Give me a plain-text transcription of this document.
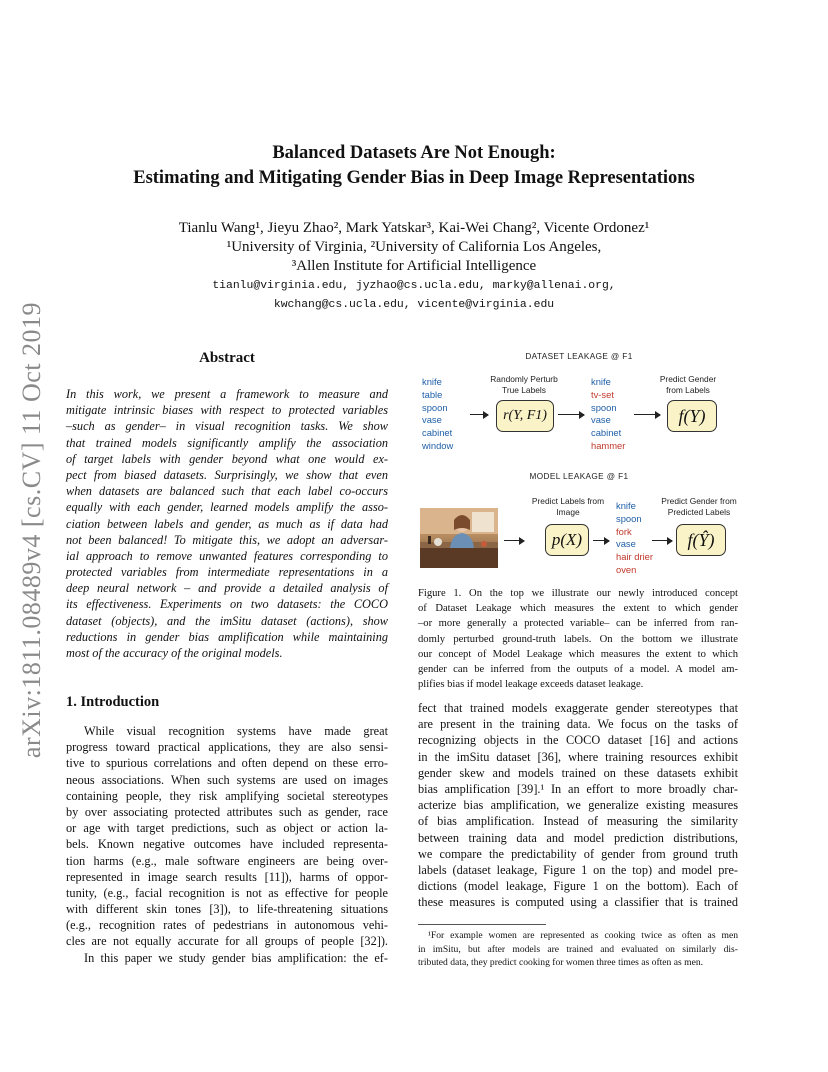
arXiv:1811.08489v4 [cs.CV] 11 Oct 2019
Balanced Datasets Are Not Enough:
Estimating and Mitigating Gender Bias in Deep Image Representations
Tianlu Wang¹, Jieyu Zhao², Mark Yatskar³, Kai-Wei Chang², Vicente Ordonez¹
¹University of Virginia, ²University of California Los Angeles,
³Allen Institute for Artificial Intelligence
tianlu@virginia.edu, jyzhao@cs.ucla.edu, marky@allenai.org,
kwchang@cs.ucla.edu, vicente@virginia.edu
Abstract
In this work, we present a framework to measure and
mitigate intrinsic biases with respect to protected variables
–such as gender– in visual recognition tasks. We show
that trained models significantly amplify the association
of target labels with gender beyond what one would ex-
pect from biased datasets. Surprisingly, we show that even
when datasets are balanced such that each label co-occurs
equally with each gender, learned models amplify the asso-
ciation between labels and gender, as much as if data had
not been balanced! To mitigate this, we adopt an adversar-
ial approach to remove unwanted features corresponding to
protected variables from intermediate representations in a
deep neural network – and provide a detailed analysis of
its effectiveness. Experiments on two datasets: the COCO
dataset (objects), and the imSitu dataset (actions), show
reductions in gender bias amplification while maintaining
most of the accuracy of the original models.
1. Introduction
While visual recognition systems have made great
progress toward practical applications, they are also sensi-
tive to spurious correlations and often depend on these erro-
neous associations. When such systems are used on images
containing people, they risk amplifying societal stereotypes
by over associating protected attributes such as gender, race
or age with target predictions, such as object or action la-
bels. Known negative outcomes have included representa-
tion harms (e.g., male software engineers are being over-
represented in image search results [11]), harms of oppor-
tunity, (e.g., facial recognition is not as effective for people
with different skin tones [3]), to life-threatening situations
(e.g., recognition rates of pedestrians in autonomous vehi-
cles are not equally accurate for all groups of people [32]).
In this paper we study gender bias amplification: the ef-
fect that trained models exaggerate gender stereotypes that
are present in the training data. We focus on the tasks of
recognizing objects in the COCO dataset [16] and actions
in the imSitu dataset [36], where training resources exhibit
gender skew and models trained on these datasets exhibit
bias amplification [39].¹ In an effort to more broadly char-
acterize bias amplification, we generalize existing measures
of bias amplification. Instead of measuring the similarity
between training data and model prediction distributions,
we compare the predictability of gender from ground truth
labels (dataset leakage, Figure 1 on the top) and model pre-
dictions (model leakage, Figure 1 on the bottom). Each of
these measures is computed using a classifier that is trained
DATASET LEAKAGE @ F1
knife
table
spoon
vase
cabinet
window
Randomly Perturb True Labels
r(Y, F1)
knife
tv-set
spoon
vase
cabinet
hammer
Predict Gender from Labels
f(Y)
MODEL LEAKAGE @ F1
Predict Labels from Image
p(X)
knife
spoon
fork
vase
hair drier
oven
Predict Gender from Predicted Labels
f(Ŷ)
Figure 1. On the top we illustrate our newly introduced concept
of Dataset Leakage which measures the extent to which gender
–or more generally a protected variable– can be inferred from ran-
domly perturbed ground-truth labels. On the bottom we illustrate
our concept of Model Leakage which measures the extent to which
gender can be inferred from the outputs of a model. A model am-
plifies bias if model leakage exceeds dataset leakage.
¹For example women are represented as cooking twice as often as men
in imSitu, but after models are trained and evaluated on similarly dis-
tributed data, they predict cooking for women three times as often as men.
